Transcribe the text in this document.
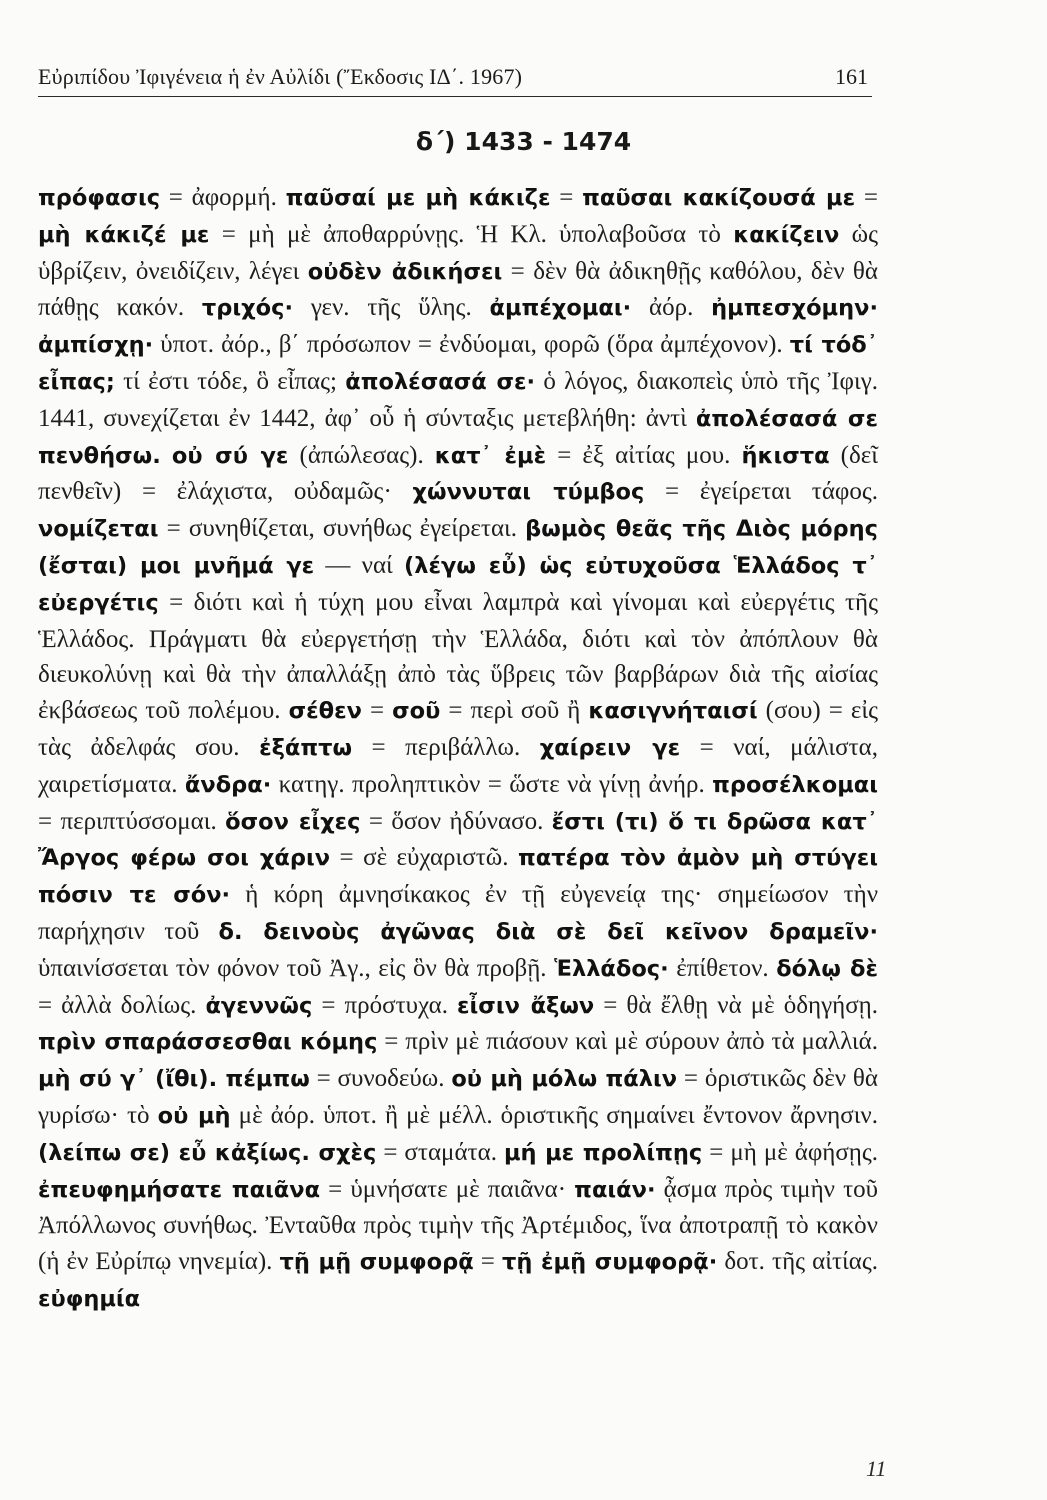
Εὐριπίδου Ἰφιγένεια ἡ ἐν Αὐλίδι (Ἔκδοσις ΙΔ΄. 1967)	161
δ΄) 1433 - 1474
πρόφασις = ἀφορμή. παῦσαί με μὴ κάκιζε = παῦσαι κακίζουσά με = μὴ κάκιζέ με = μὴ μὲ ἀποθαρρύνῃς. Ἡ Κλ. ὑπολαβοῦσα τὸ κακίζειν ὡς ὑβρίζειν, ὀνειδίζειν, λέγει οὐδὲν ἀδικήσει = δὲν θὰ ἀδικηθῇς καθόλου, δὲν θὰ πάθῃς κακόν. τριχός· γεν. τῆς ὕλης. ἀμπέχομαι· ἀόρ. ἠμπεσχόμην· ἀμπίσχῃ· ὑποτ. ἀόρ., β΄ πρόσωπον = ἐνδύομαι, φορῶ (ὅρα ἀμπέχονον). τί τόδ᾽ εἶπας; τί ἐστι τόδε, ὃ εἶπας; ἀπολέσασά σε· ὁ λόγος, διακοπεὶς ὑπὸ τῆς Ἰφιγ. 1441, συνεχίζεται ἐν 1442, ἀφ᾽ οὗ ἡ σύνταξις μετεβλήθη: ἀντὶ ἀπολέσασά σε πενθήσω. οὐ σύ γε (ἀπώλεσας). κατ᾽ ἐμὲ = ἐξ αἰτίας μου. ἥκιστα (δεῖ πενθεῖν) = ἐλάχιστα, οὐδαμῶς· χώννυται τύμβος = ἐγείρεται τάφος. νομίζεται = συνηθίζεται, συνήθως ἐγείρεται. βωμὸς θεᾶς τῆς Διὸς μόρης (ἔσται) μοι μνῆμά γε — ναί (λέγω εὖ) ὡς εὐτυχοῦσα Ἑλλάδος τ᾽ εὐεργέτις = διότι καὶ ἡ τύχη μου εἶναι λαμπρὰ καὶ γίνομαι καὶ εὐεργέτις τῆς Ἑλλάδος. Πράγματι θὰ εὐεργετήσῃ τὴν Ἑλλάδα, διότι καὶ τὸν ἀπόπλουν θὰ διευκολύνῃ καὶ θὰ τὴν ἀπαλλάξῃ ἀπὸ τὰς ὕβρεις τῶν βαρβάρων διὰ τῆς αἰσίας ἐκβάσεως τοῦ πολέμου. σέθεν = σοῦ = περὶ σοῦ ἢ κασιγνήταισί (σου) = εἰς τὰς ἀδελφάς σου. ἐξάπτω = περιβάλλω. χαίρειν γε = ναί, μάλιστα, χαιρετίσματα. ἄνδρα· κατηγ. προληπτικὸν = ὥστε νὰ γίνῃ ἀνήρ. προσέλκομαι = περιπτύσσομαι. ὅσον εἶχες = ὅσον ἠδύνασο. ἔστι (τι) ὅ τι δρῶσα κατ᾽ Ἄργος φέρω σοι χάριν = σὲ εὐχαριστῶ. πατέρα τὸν ἀμὸν μὴ στύγει πόσιν τε σόν· ἡ κόρη ἀμνησίκακος ἐν τῇ εὐγενείᾳ της· σημείωσον τὴν παρήχησιν τοῦ δ. δεινοὺς ἀγῶνας διὰ σὲ δεῖ κεῖνον δραμεῖν· ὑπαινίσσεται τὸν φόνον τοῦ Ἀγ., εἰς ὃν θὰ προβῇ. Ἑλλάδος· ἐπίθετον. δόλῳ δὲ = ἀλλὰ δολίως. ἀγεννῶς = πρόστυχα. εἶσιν ἄξων = θὰ ἔλθῃ νὰ μὲ ὁδηγήσῃ. πρὶν σπαράσσεσθαι κόμης = πρὶν μὲ πιάσουν καὶ μὲ σύρουν ἀπὸ τὰ μαλλιά. μὴ σύ γ᾽ (ἴθι). πέμπω = συνοδεύω. οὐ μὴ μόλω πάλιν = ὁριστικῶς δὲν θὰ γυρίσω· τὸ οὐ μὴ μὲ ἀόρ. ὑποτ. ἢ μὲ μέλλ. ὁριστικῆς σημαίνει ἔντονον ἄρνησιν. (λείπω σε) εὖ κἀξίως. σχὲς = σταμάτα. μή με προλίπῃς = μὴ μὲ ἀφήσῃς. ἐπευφημήσατε παιᾶνα = ὑμνήσατε μὲ παιᾶνα· παιάν· ᾆσμα πρὸς τιμὴν τοῦ Ἀπόλλωνος συνήθως. Ἐνταῦθα πρὸς τιμὴν τῆς Ἀρτέμιδος, ἵνα ἀποτραπῇ τὸ κακὸν (ἡ ἐν Εὐρίπῳ νηνεμία). τῇ μῇ συμφορᾷ = τῇ ἐμῇ συμφορᾷ· δοτ. τῆς αἰτίας. εὐφημία
11
